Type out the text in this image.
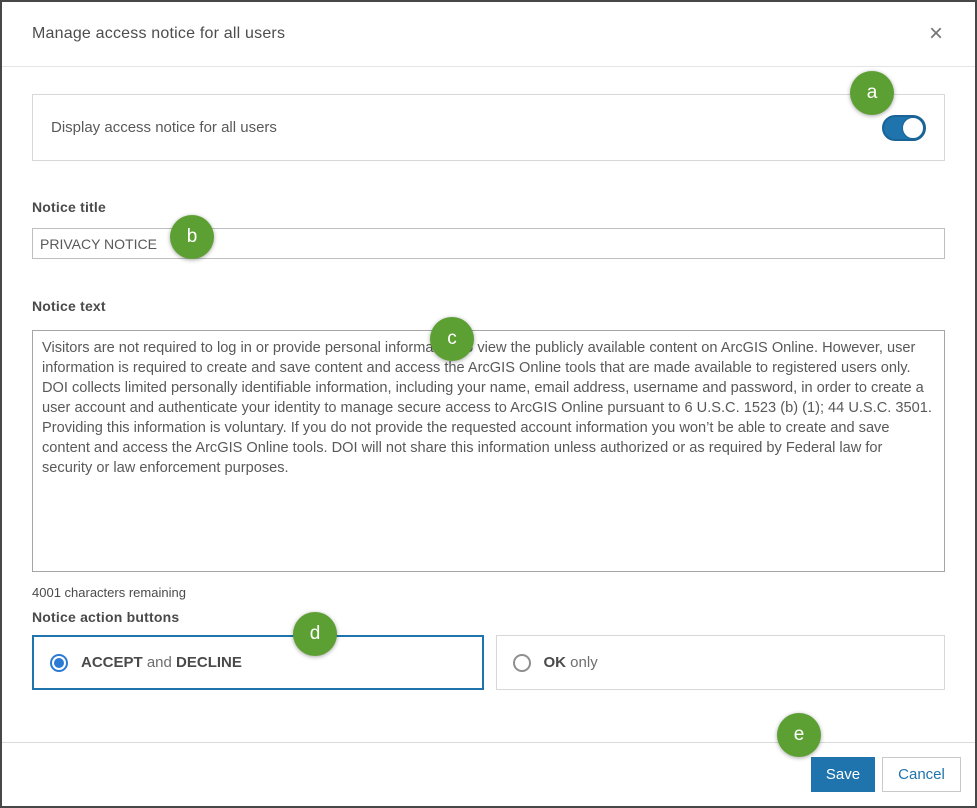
Manage access notice for all users	×
Display access notice for all users
Notice title
PRIVACY NOTICE
Notice text
Visitors are not required to log in or provide personal information to view the publicly available content on ArcGIS Online. However, user information is required to create and save content and access the ArcGIS Online tools that are made available to registered users only. DOI collects limited personally identifiable information, including your name, email address, username and password, in order to create a user account and authenticate your identity to manage secure access to ArcGIS Online pursuant to 6 U.S.C. 1523 (b) (1); 44 U.S.C. 3501. Providing this information is voluntary. If you do not provide the requested account information you won’t be able to create and save content and access the ArcGIS Online tools. DOI will not share this information unless authorized or as required by Federal law for security or law enforcement purposes.
4001 characters remaining
Notice action buttons
ACCEPT and DECLINE	OK only
Save	Cancel
a
b
c
d
e
